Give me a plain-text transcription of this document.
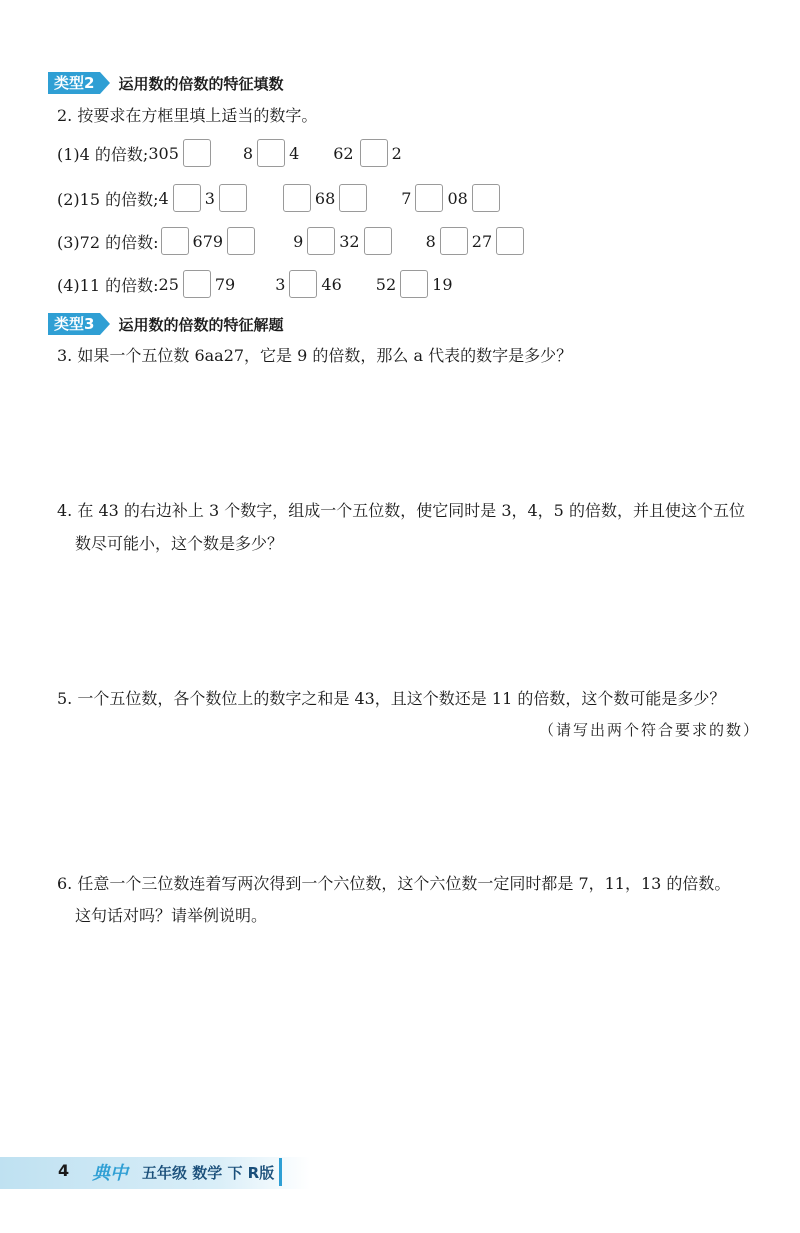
类型2	运用数的倍数的特征填数
2. 按要求在方框里填上适当的数字。
(1)4 的倍数; 305	8 4 62 2
(2)15 的倍数; 4 3	68	7 08
(3)72 的倍数: 679	9 32	8 27
(4)11 的倍数: 25 79	3 46 52 19
类型3	运用数的倍数的特征解题
3. 如果一个五位数 6aa27，它是 9 的倍数，那么 a 代表的数字是多少？
4. 在 43 的右边补上 3 个数字，组成一个五位数，使它同时是 3，4，5 的倍数，并且使这个五位
数尽可能小，这个数是多少？
5. 一个五位数，各个数位上的数字之和是 43，且这个数还是 11 的倍数，这个数可能是多少？
（请写出两个符合要求的数）
6. 任意一个三位数连着写两次得到一个六位数，这个六位数一定同时都是 7，11，13 的倍数。
这句话对吗？请举例说明。
4 典中 五年级 数学 下 R版
